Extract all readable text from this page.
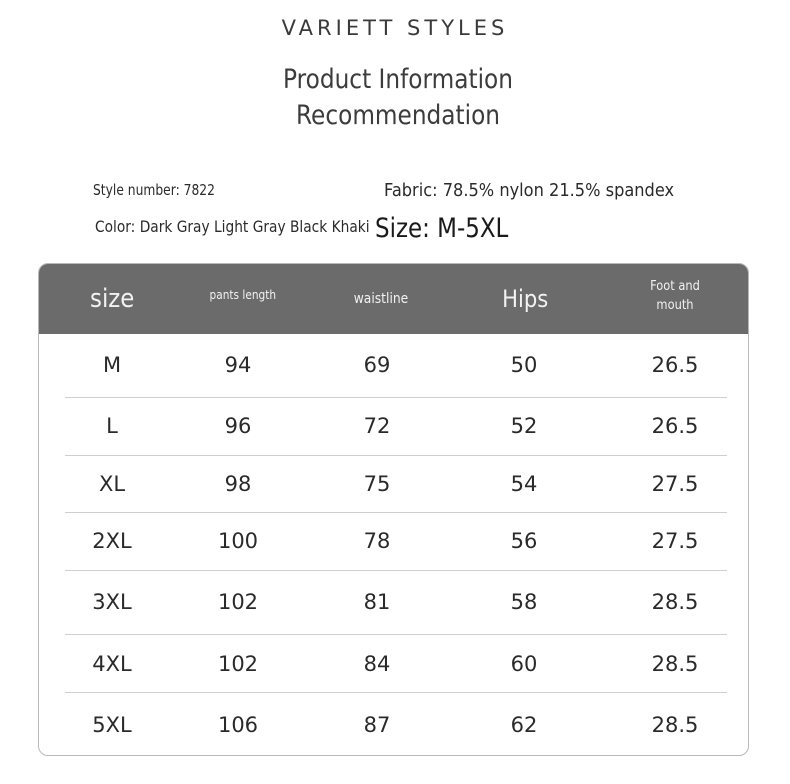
VARIETT STYLES
Product Information
Recommendation
Style number: 7822	Fabric: 78.5% nylon 21.5% spandex
Color: Dark Gray Light Gray Black Khaki Size: M-5XL
size	pants length	waistline	Hips	Foot and mouth
M	94	69	50	26.5
L	96	72	52	26.5
XL	98	75	54	27.5
2XL	100	78	56	27.5
3XL	102	81	58	28.5
4XL	102	84	60	28.5
5XL	106	87	62	28.5
